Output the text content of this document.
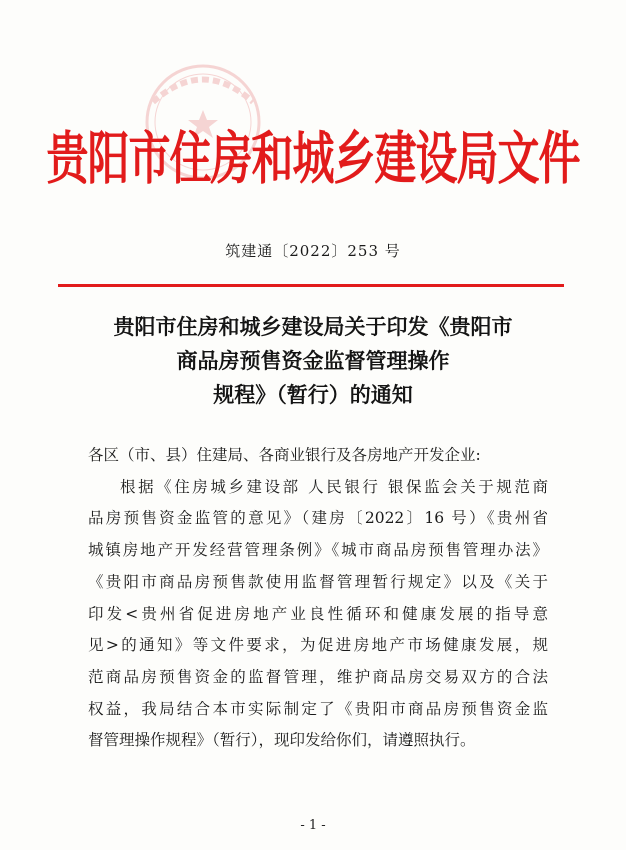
贵阳市住房和城乡建设局文件
筑建通〔2022〕253 号
贵阳市住房和城乡建设局关于印发《贵阳市
商品房预售资金监督管理操作
规程》（暂行）的通知
各区（市、县）住建局、各商业银行及各房地产开发企业:
根据《住房城乡建设部 人民银行 银保监会关于规范商
品房预售资金监管的意见》（建房〔2022〕16 号）《贵州省
城镇房地产开发经营管理条例》《城市商品房预售管理办法》
《贵阳市商品房预售款使用监督管理暂行规定》以及《关于
印发<贵州省促进房地产业良性循环和健康发展的指导意
见>的通知》等文件要求，为促进房地产市场健康发展，规
范商品房预售资金的监督管理，维护商品房交易双方的合法
权益，我局结合本市实际制定了《贵阳市商品房预售资金监
督管理操作规程》（暂行），现印发给你们，请遵照执行。
- 1 -
